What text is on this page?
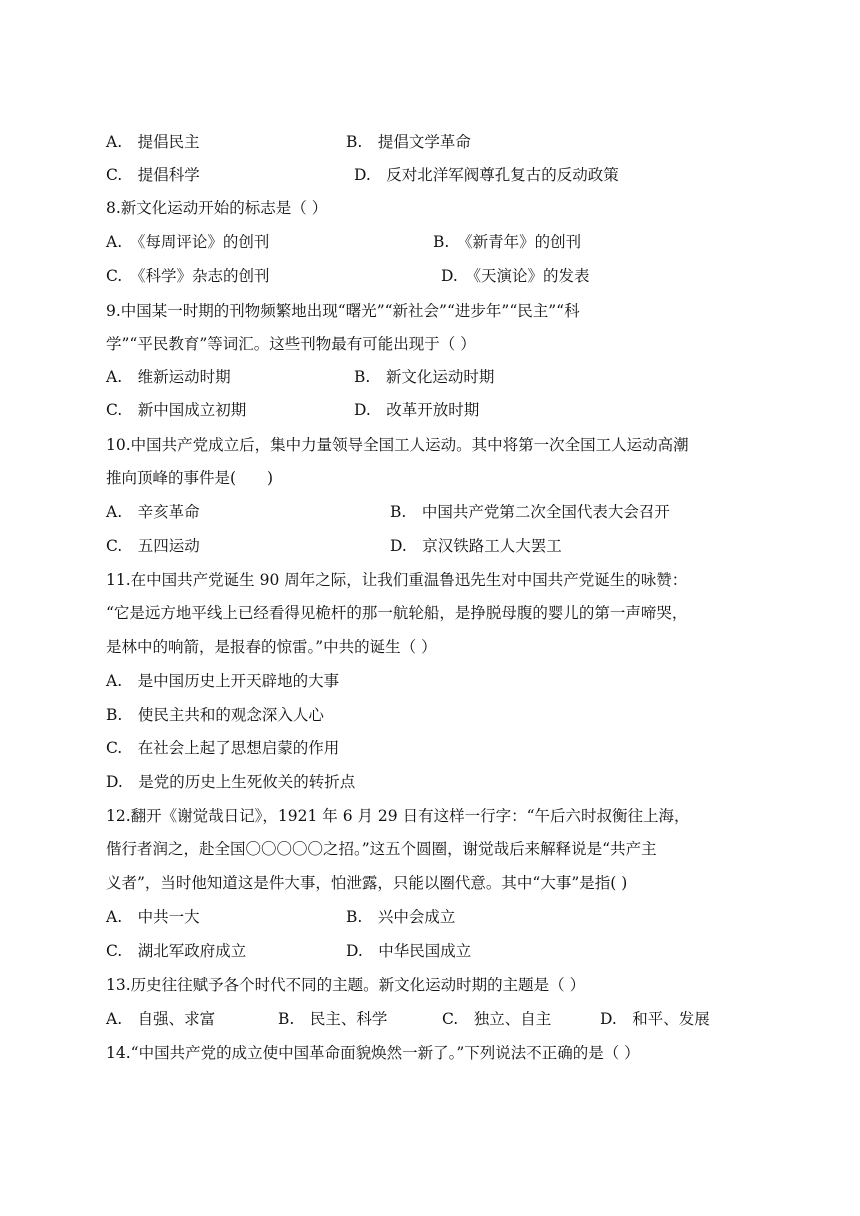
A.　提倡民主	B.　提倡文学革命
C.　提倡科学	D.　反对北洋军阀尊孔复古的反动政策
8.新文化运动开始的标志是（ ）
A.　《每周评论》的创刊	B.　《新青年》的创刊
C.　《科学》杂志的创刊	D.　《天演论》的发表
9.中国某一时期的刊物频繁地出现“曙光”“新社会”“进步年”“民主”“科
学”“平民教育”等词汇。这些刊物最有可能出现于（ ）
A.　维新运动时期	B.　新文化运动时期
C.　新中国成立初期	D.　改革开放时期
10.中国共产党成立后，集中力量领导全国工人运动。其中将第一次全国工人运动高潮
推向顶峰的事件是(　　)
A.　辛亥革命	B.　中国共产党第二次全国代表大会召开
C.　五四运动	D.　京汉铁路工人大罢工
11.在中国共产党诞生 90 周年之际，让我们重温鲁迅先生对中国共产党诞生的咏赞：
“它是远方地平线上已经看得见桅杆的那一航轮船，是挣脱母腹的婴儿的第一声啼哭，
是林中的响箭，是报春的惊雷。”中共的诞生（ ）
A.　是中国历史上开天辟地的大事
B.　使民主共和的观念深入人心
C.　在社会上起了思想启蒙的作用
D.　是党的历史上生死攸关的转折点
12.翻开《谢觉哉日记》，1921 年 6 月 29 日有这样一行字：“午后六时叔衡往上海，
偕行者润之，赴全国〇〇〇〇〇之招。”这五个圆圈，谢觉哉后来解释说是“共产主
义者”，当时他知道这是件大事，怕泄露，只能以圈代意。其中“大事”是指( )
A.　中共一大	B.　兴中会成立
C.　湖北军政府成立	D.　中华民国成立
13.历史往往赋予各个时代不同的主题。新文化运动时期的主题是（ ）
A.　自强、求富	B.　民主、科学	C.　独立、自主	D.　和平、发展
14.“中国共产党的成立使中国革命面貌焕然一新了。”下列说法不正确的是（ ）
